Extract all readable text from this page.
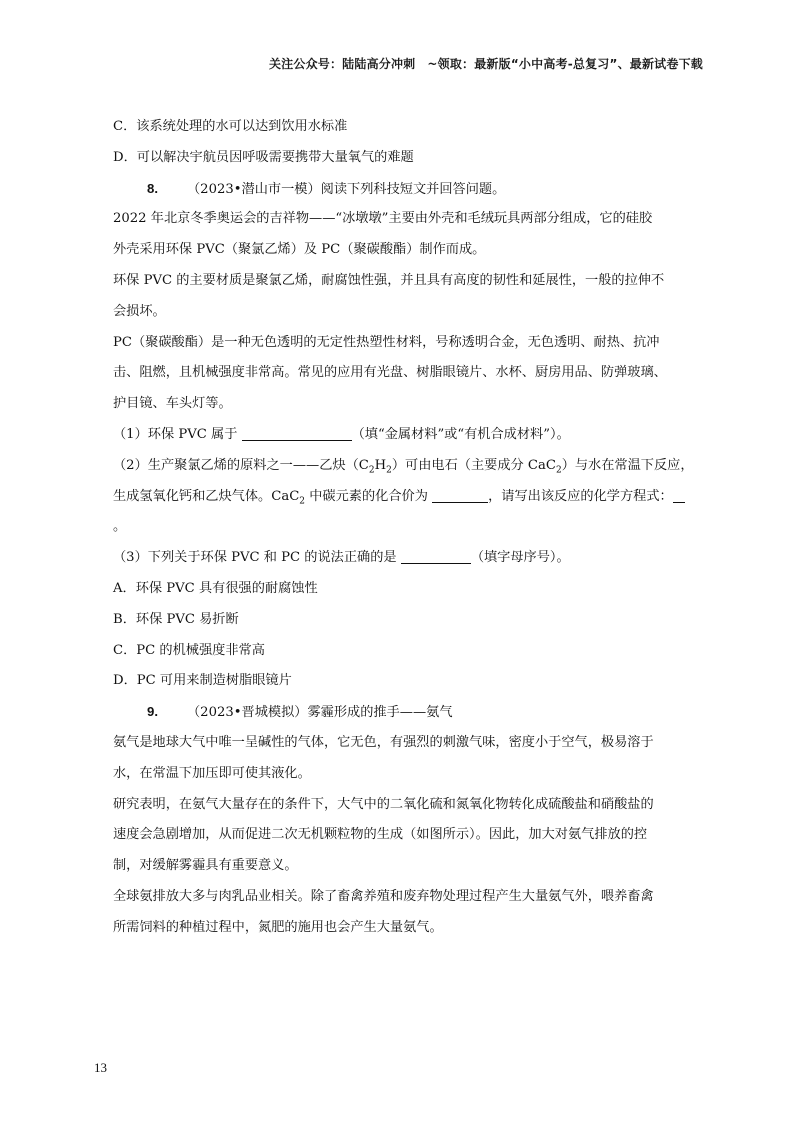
关注公众号：陆陆高分冲刺 ~领取：最新版“小中高考-总复习”、最新试卷下载
C．该系统处理的水可以达到饮用水标准
D．可以解决宇航员因呼吸需要携带大量氧气的难题
8. （2023•潜山市一模）阅读下列科技短文并回答问题。
2022 年北京冬季奥运会的吉祥物——“冰墩墩”主要由外壳和毛绒玩具两部分组成，它的硅胶
外壳采用环保 PVC（聚氯乙烯）及 PC（聚碳酸酯）制作而成。
环保 PVC 的主要材质是聚氯乙烯，耐腐蚀性强，并且具有高度的韧性和延展性，一般的拉伸不
会损坏。
PC（聚碳酸酯）是一种无色透明的无定性热塑性材料，号称透明合金，无色透明、耐热、抗冲
击、阻燃，且机械强度非常高。常见的应用有光盘、树脂眼镜片、水杯、厨房用品、防弹玻璃、
护目镜、车头灯等。
（1）环保 PVC 属于	（填“金属材料”或“有机合成材料”）。
（2）生产聚氯乙烯的原料之一——乙炔$(C_2H_2)$可由电石（主要成分 CaC$_2$）与水在常温下反应，
生成氢氧化钙和乙炔气体。CaC$_2$ 中碳元素的化合价为	，请写出该反应的化学方程式：
。
（3）下列关于环保 PVC 和 PC 的说法正确的是	（填字母序号）。
A．环保 PVC 具有很强的耐腐蚀性
B．环保 PVC 易折断
C．PC 的机械强度非常高
D．PC 可用来制造树脂眼镜片
9. （2023•晋城模拟）雾霾形成的推手——氨气
氨气是地球大气中唯一呈碱性的气体，它无色，有强烈的刺激气味，密度小于空气，极易溶于
水，在常温下加压即可使其液化。
研究表明，在氨气大量存在的条件下，大气中的二氧化硫和氮氧化物转化成硫酸盐和硝酸盐的
速度会急剧增加，从而促进二次无机颗粒物的生成（如图所示）。因此，加大对氨气排放的控
制，对缓解雾霾具有重要意义。
全球氨排放大多与肉乳品业相关。除了畜禽养殖和废弃物处理过程产生大量氨气外，喂养畜禽
所需饲料的种植过程中，氮肥的施用也会产生大量氨气。
13
